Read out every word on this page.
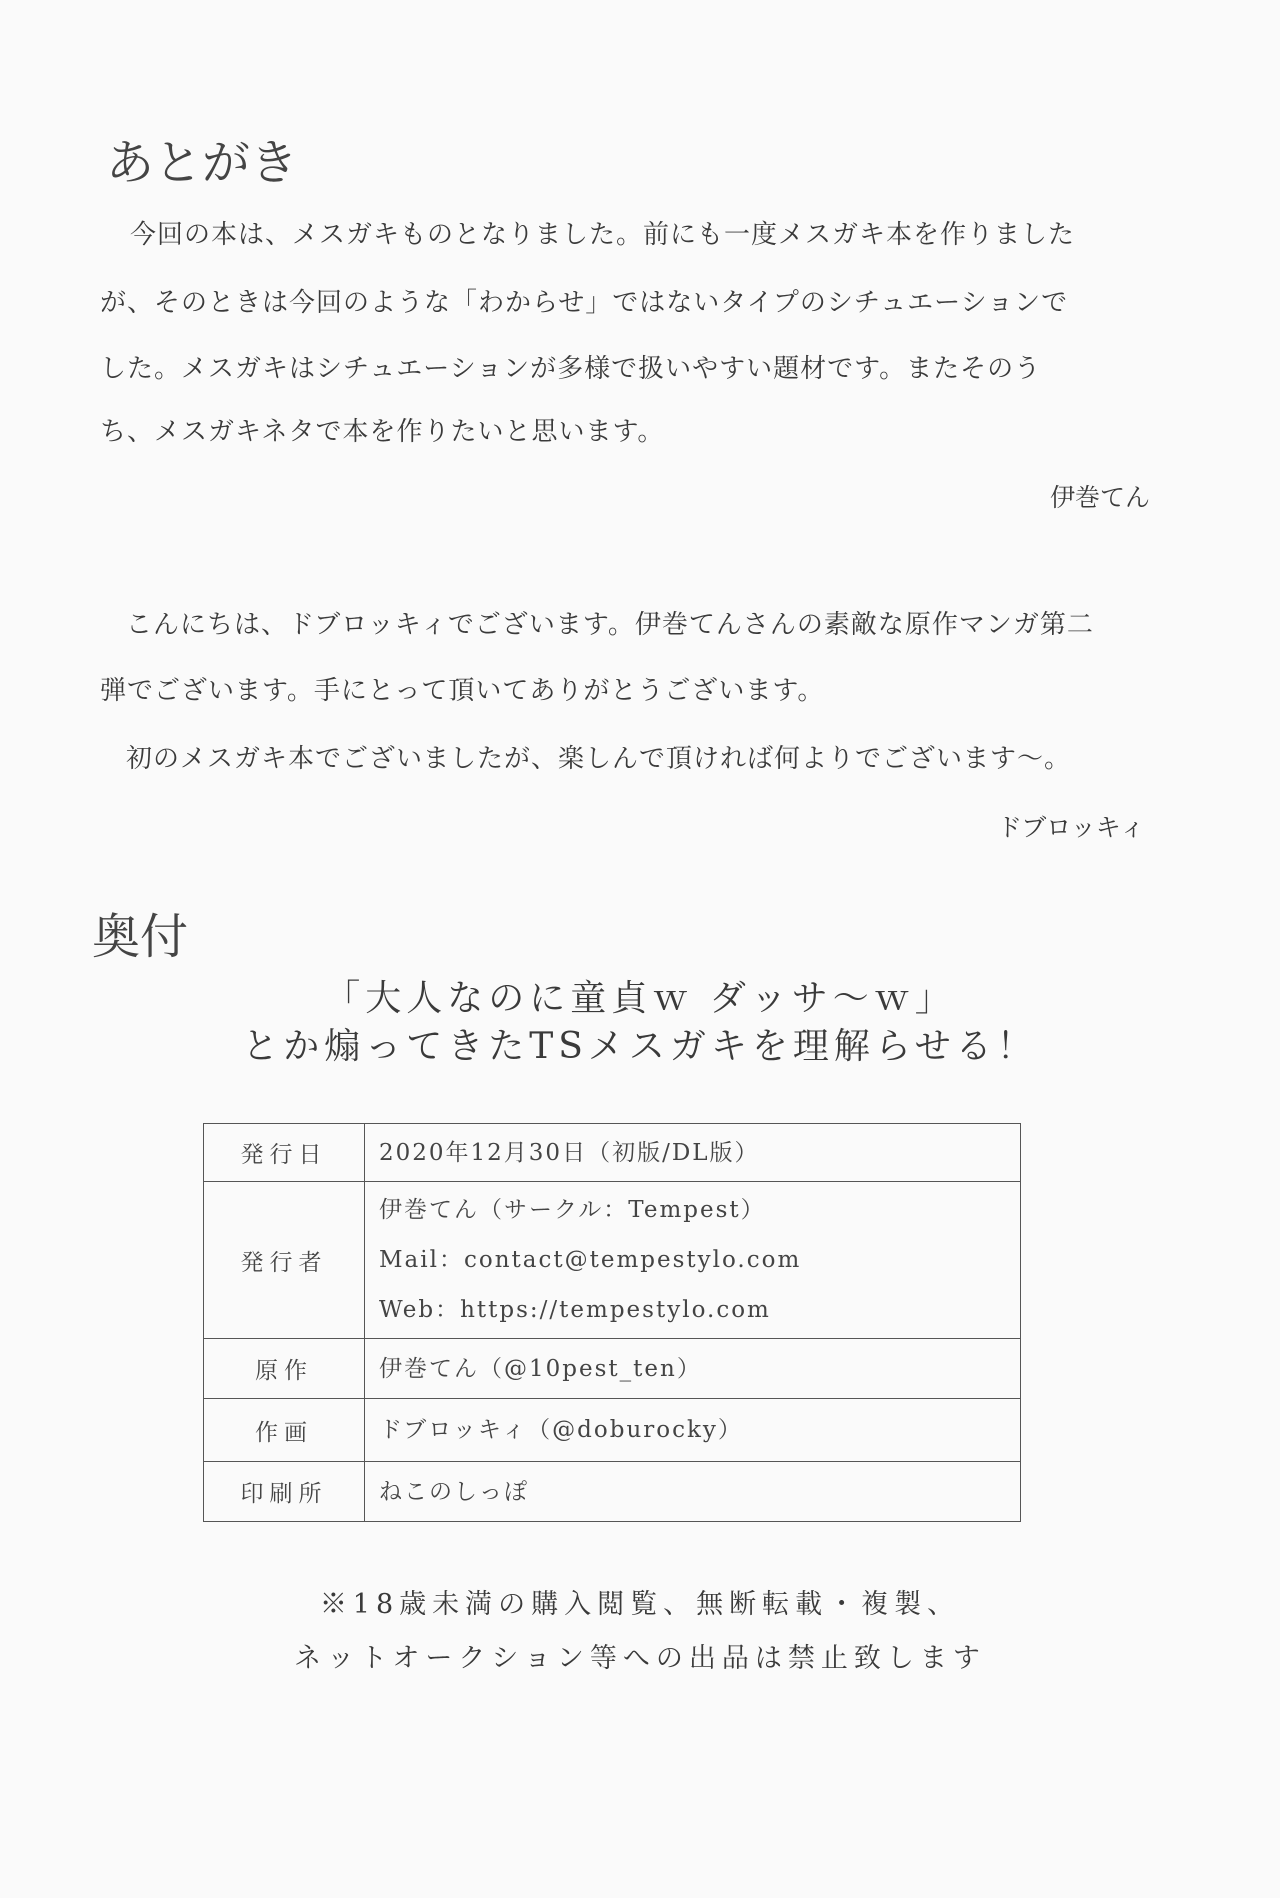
あとがき
今回の本は、メスガキものとなりました。前にも一度メスガキ本を作りました
が、そのときは今回のような「わからせ」ではないタイプのシチュエーションで
した。メスガキはシチュエーションが多様で扱いやすい題材です。またそのう
ち、メスガキネタで本を作りたいと思います。
伊巻てん
こんにちは、ドブロッキィでございます。伊巻てんさんの素敵な原作マンガ第二
弾でございます。手にとって頂いてありがとうございます。
初のメスガキ本でございましたが、楽しんで頂ければ何よりでございます～。
ドブロッキィ
奥付
「大人なのに童貞ｗ ダッサ～ｗ」
とか煽ってきたTSメスガキを理解らせる！
発行日	2020年12月30日（初版/DL版）

発行者	伊巻てん（サークル：Tempest）
Mail：contact@tempestylo.com
Web：https://tempestylo.com

原作	伊巻てん（@10pest_ten）

作画	ドブロッキィ（@doburocky）

印刷所	ねこのしっぽ
※18歳未満の購入閲覧、無断転載・複製、
ネットオークション等への出品は禁止致します
